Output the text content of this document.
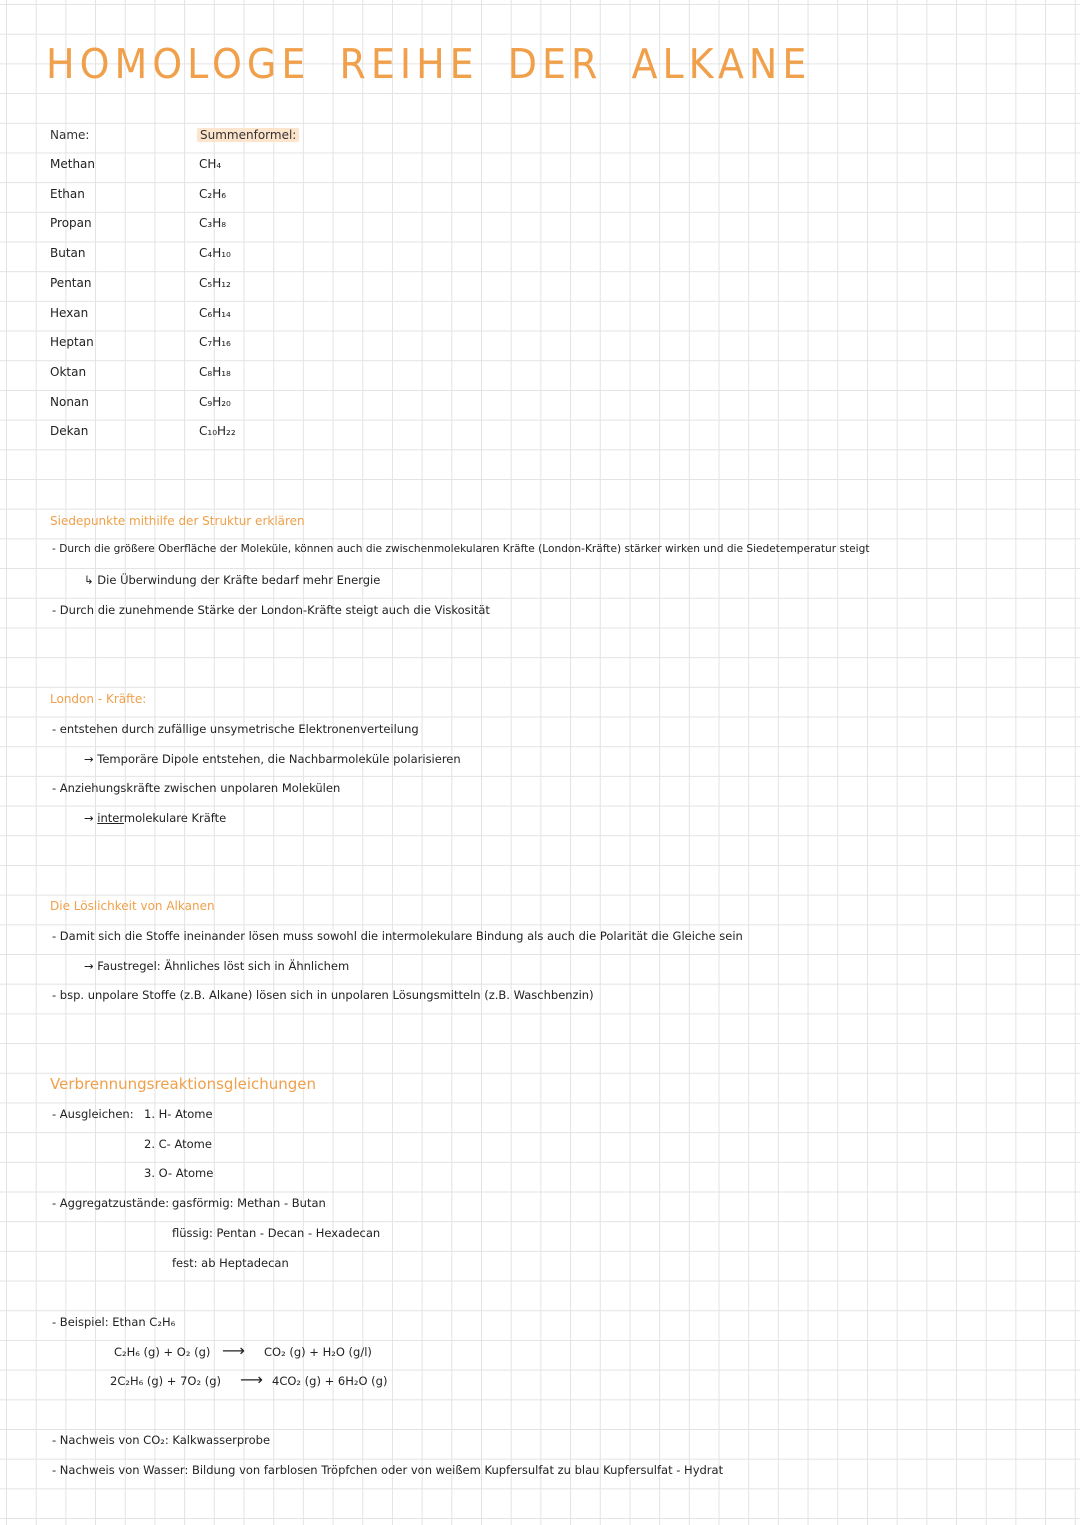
HOMOLOGE REIHE DER ALKANE
Name:	Summenformel:
Methan	CH₄
Ethan	C₂H₆
Propan	C₃H₈
Butan	C₄H₁₀
Pentan	C₅H₁₂
Hexan	C₆H₁₄
Heptan	C₇H₁₆
Oktan	C₈H₁₈
Nonan	C₉H₂₀
Dekan	C₁₀H₂₂
Siedepunkte mithilfe der Struktur erklären
- Durch die größere Oberfläche der Moleküle, können auch die zwischenmolekularen Kräfte (London-Kräfte) stärker wirken und die Siedetemperatur steigt
↳ Die Überwindung der Kräfte bedarf mehr Energie
- Durch die zunehmende Stärke der London-Kräfte steigt auch die Viskosität
London - Kräfte:
- entstehen durch zufällige unsymetrische Elektronenverteilung
→ Temporäre Dipole entstehen, die Nachbarmoleküle polarisieren
- Anziehungskräfte zwischen unpolaren Molekülen
→ intermolekulare Kräfte
Die Löslichkeit von Alkanen
- Damit sich die Stoffe ineinander lösen muss sowohl die intermolekulare Bindung als auch die Polarität die Gleiche sein
→ Faustregel: Ähnliches löst sich in Ähnlichem
- bsp. unpolare Stoffe (z.B. Alkane) lösen sich in unpolaren Lösungsmitteln (z.B. Waschbenzin)
Verbrennungsreaktionsgleichungen
- Ausgleichen: 1. H- Atome
2. C- Atome
3. O- Atome
- Aggregatzustände: gasförmig: Methan - Butan
flüssig: Pentan - Decan - Hexadecan
fest: ab Heptadecan
- Beispiel: Ethan C₂H₆
C₂H₆ (g) + O₂ (g) ⟶ CO₂ (g) + H₂O (g/l)
2C₂H₆ (g) + 7O₂ (g) ⟶ 4CO₂ (g) + 6H₂O (g)
- Nachweis von CO₂: Kalkwasserprobe
- Nachweis von Wasser: Bildung von farblosen Tröpfchen oder von weißem Kupfersulfat zu blau Kupfersulfat - Hydrat
